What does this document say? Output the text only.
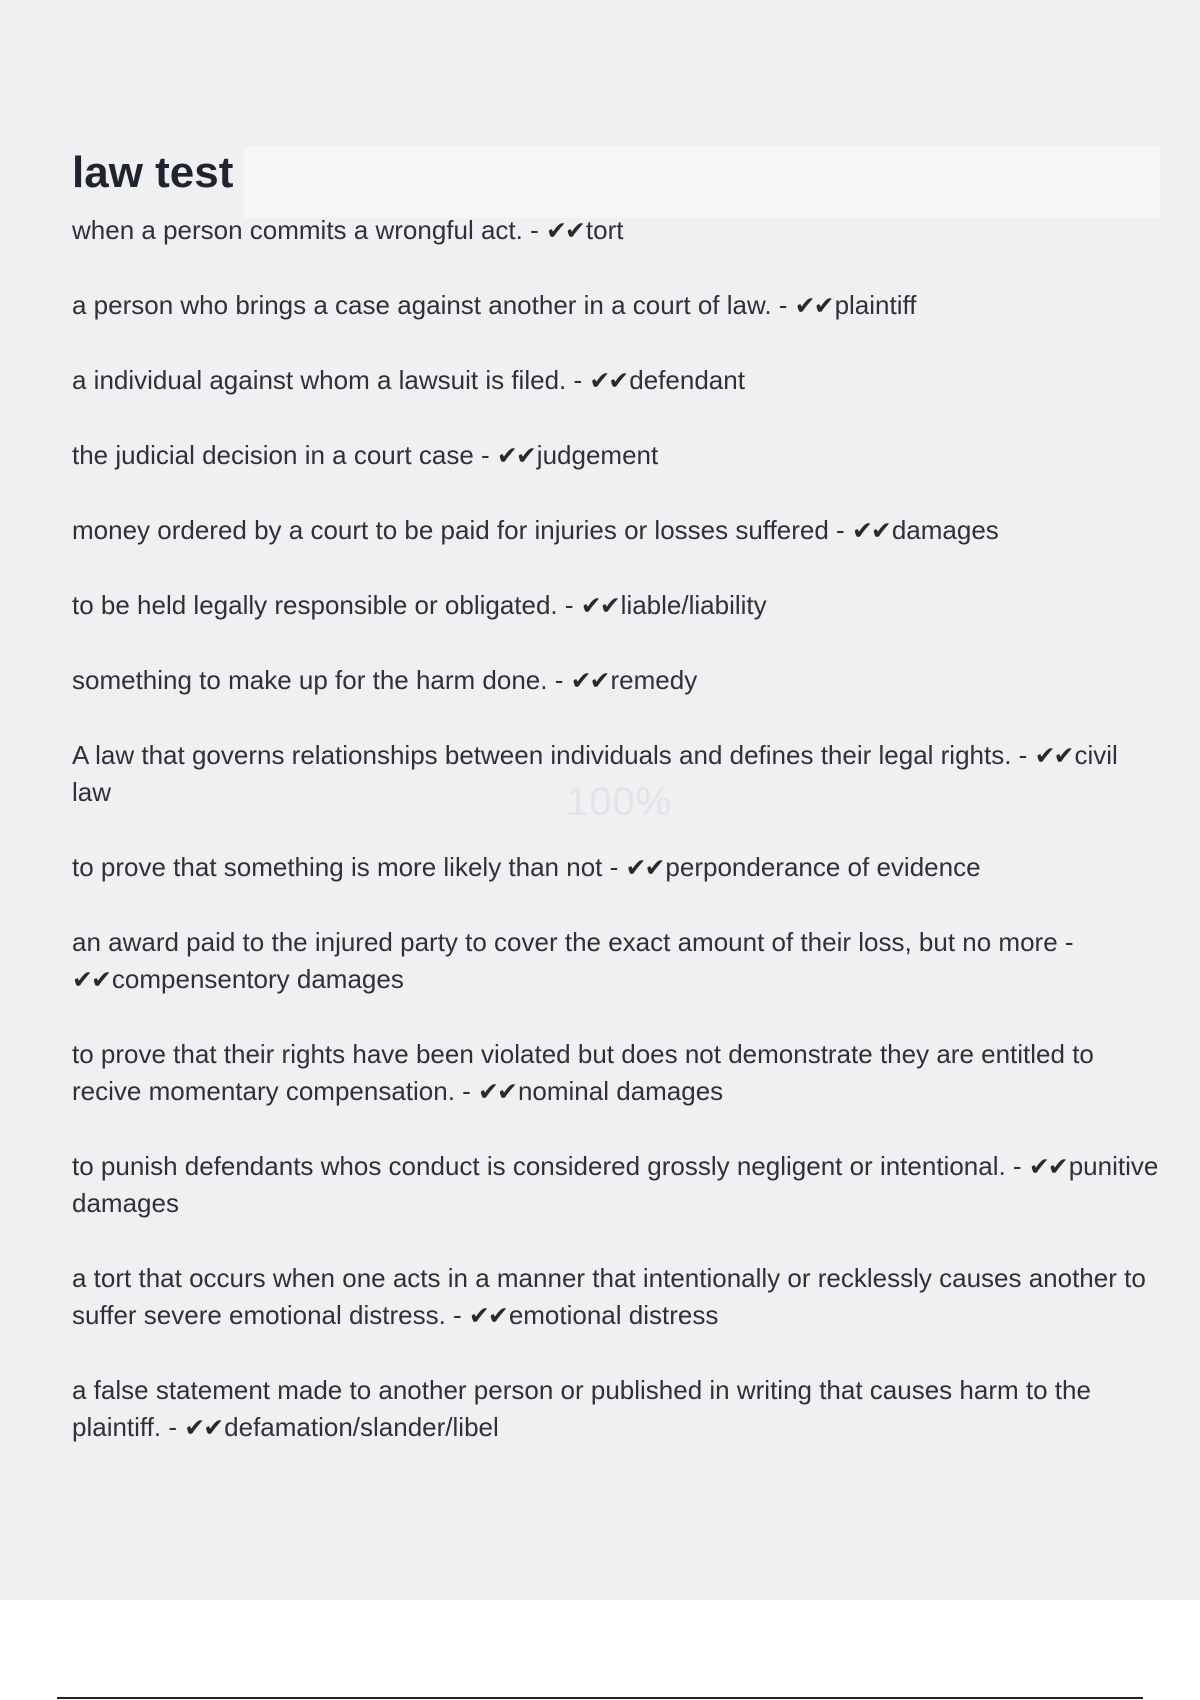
law test
when a person commits a wrongful act. - ✔✔tort
a person who brings a case against another in a court of law. - ✔✔plaintiff
a individual against whom a lawsuit is filed. - ✔✔defendant
the judicial decision in a court case - ✔✔judgement
money ordered by a court to be paid for injuries or losses suffered - ✔✔damages
to be held legally responsible or obligated. - ✔✔liable/liability
something to make up for the harm done. - ✔✔remedy
A law that governs relationships between individuals and defines their legal rights. - ✔✔civil law
to prove that something is more likely than not - ✔✔perponderance of evidence
an award paid to the injured party to cover the exact amount of their loss, but no more - ✔✔compensentory damages
to prove that their rights have been violated but does not demonstrate they are entitled to recive momentary compensation. - ✔✔nominal damages
to punish defendants whos conduct is considered grossly negligent or intentional. - ✔✔punitive damages
a tort that occurs when one acts in a manner that intentionally or recklessly causes another to suffer severe emotional distress. - ✔✔emotional distress
a false statement made to another person or published in writing that causes harm to the plaintiff. - ✔✔defamation/slander/libel
100%
